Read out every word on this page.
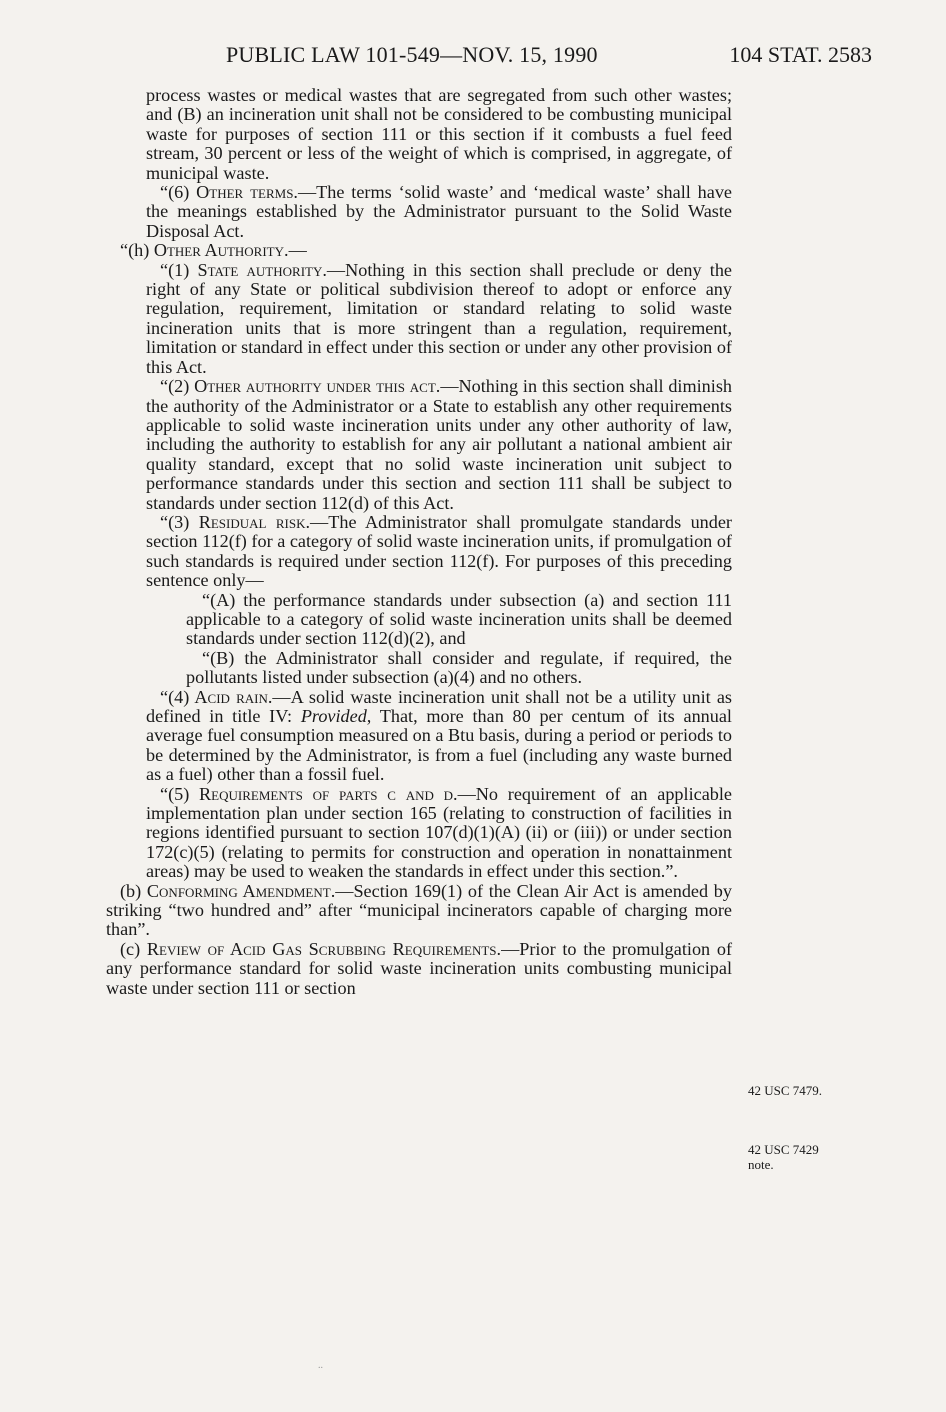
PUBLIC LAW 101-549—NOV. 15, 1990	104 STAT. 2583

process wastes or medical wastes that are segregated from such other wastes; and (B) an incineration unit shall not be considered to be combusting municipal waste for purposes of section 111 or this section if it combusts a fuel feed stream, 30 percent or less of the weight of which is comprised, in aggregate, of municipal waste.

“(6) Other terms.—The terms ‘solid waste’ and ‘medical waste’ shall have the meanings established by the Administrator pursuant to the Solid Waste Disposal Act.

“(h) Other Authority.—

“(1) State authority.—Nothing in this section shall preclude or deny the right of any State or political subdivision thereof to adopt or enforce any regulation, requirement, limitation or standard relating to solid waste incineration units that is more stringent than a regulation, requirement, limitation or standard in effect under this section or under any other provision of this Act.

“(2) Other authority under this act.—Nothing in this section shall diminish the authority of the Administrator or a State to establish any other requirements applicable to solid waste incineration units under any other authority of law, including the authority to establish for any air pollutant a national ambient air quality standard, except that no solid waste incineration unit subject to performance standards under this section and section 111 shall be subject to standards under section 112(d) of this Act.

“(3) Residual risk.—The Administrator shall promulgate standards under section 112(f) for a category of solid waste incineration units, if promulgation of such standards is required under section 112(f). For purposes of this preceding sentence only—

“(A) the performance standards under subsection (a) and section 111 applicable to a category of solid waste incineration units shall be deemed standards under section 112(d)(2), and

“(B) the Administrator shall consider and regulate, if required, the pollutants listed under subsection (a)(4) and no others.

“(4) Acid rain.—A solid waste incineration unit shall not be a utility unit as defined in title IV: Provided, That, more than 80 per centum of its annual average fuel consumption measured on a Btu basis, during a period or periods to be determined by the Administrator, is from a fuel (including any waste burned as a fuel) other than a fossil fuel.

“(5) Requirements of parts c and d.—No requirement of an applicable implementation plan under section 165 (relating to construction of facilities in regions identified pursuant to section 107(d)(1)(A) (ii) or (iii)) or under section 172(c)(5) (relating to permits for construction and operation in nonattainment areas) may be used to weaken the standards in effect under this section.”.

(b) Conforming Amendment.—Section 169(1) of the Clean Air Act is amended by striking “two hundred and” after “municipal incinerators capable of charging more than”.

(c) Review of Acid Gas Scrubbing Requirements.—Prior to the promulgation of any performance standard for solid waste incineration units combusting municipal waste under section 111 or section

42 USC 7479.
42 USC 7429
note.
..
